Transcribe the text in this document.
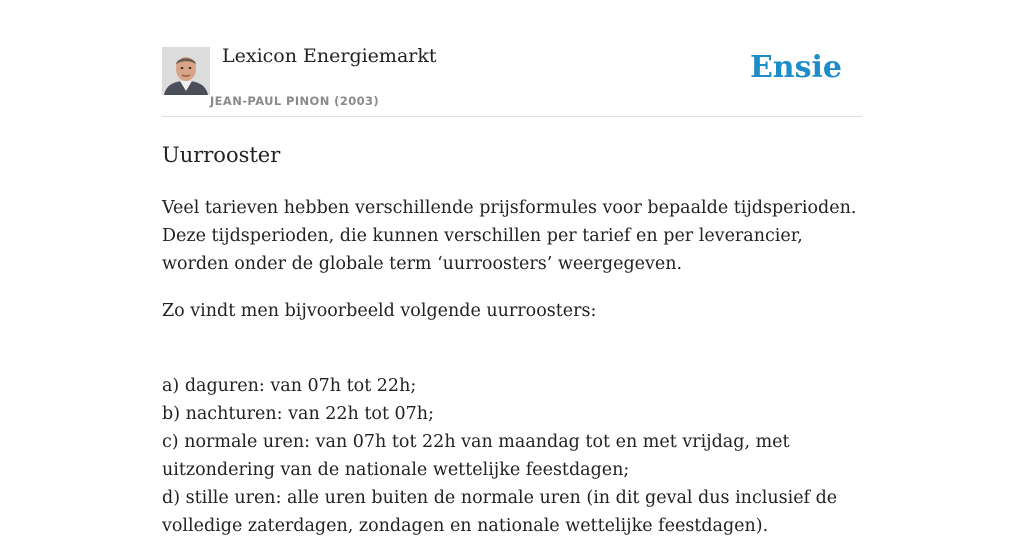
Lexicon Energiemarkt
JEAN-PAUL PINON (2003)
Ensie
Uurrooster

Veel tarieven hebben verschillende prijsformules voor bepaalde tijdsperioden. Deze tijdsperioden, die kunnen verschillen per tarief en per leverancier, worden onder de globale term ‘uurroosters’ weergegeven.

Zo vindt men bijvoorbeeld volgende uurroosters:

a) daguren: van 07h tot 22h;
b) nachturen: van 22h tot 07h;
c) normale uren: van 07h tot 22h van maandag tot en met vrijdag, met uitzondering van de nationale wettelijke feestdagen;
d) stille uren: alle uren buiten de normale uren (in dit geval dus inclusief de volledige zaterdagen, zondagen en nationale wettelijke feestdagen).
